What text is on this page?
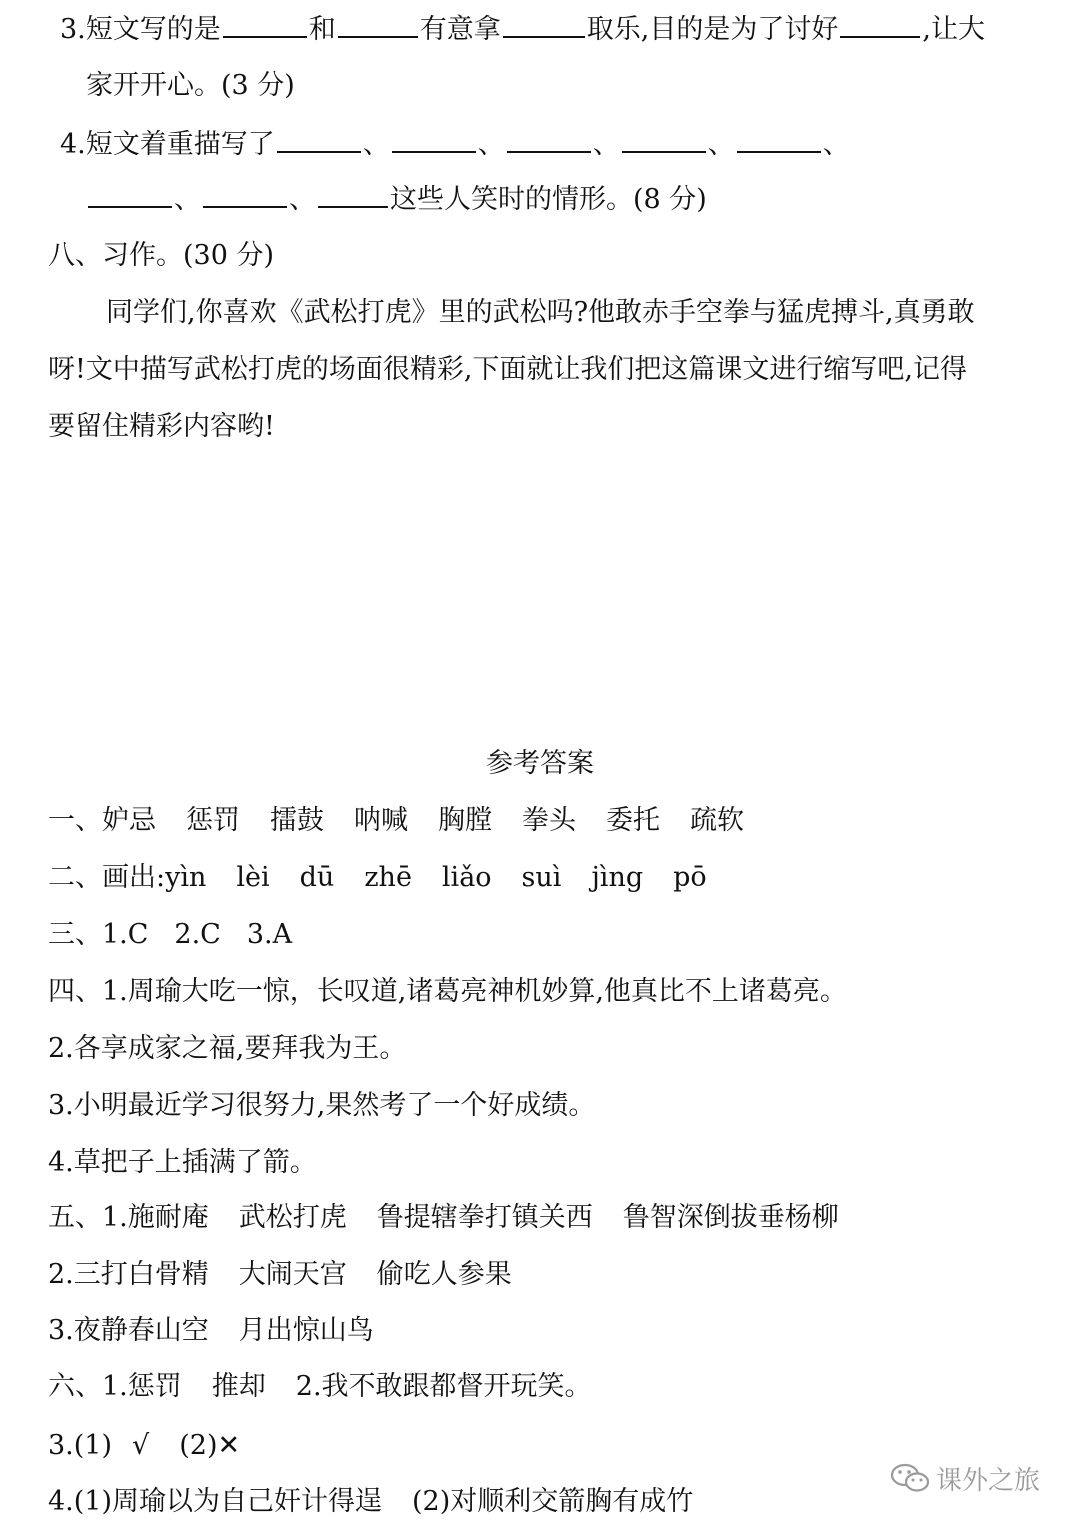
3.短文写的是	和	有意拿	取乐,目的是为了讨好	,让大
家开开心。(3 分)
4.短文着重描写了	、	、	、	、	、
、	、	这些人笑时的情形。(8 分)
八、习作。(30 分)
同学们,你喜欢《武松打虎》里的武松吗?他敢赤手空拳与猛虎搏斗,真勇敢
呀!文中描写武松打虎的场面很精彩,下面就让我们把这篇课文进行缩写吧,记得
要留住精彩内容哟!
参考答案
一、妒忌 惩罚 擂鼓 呐喊 胸膛 拳头 委托 疏软
二、画出:yìn lèi dū zhē liǎo suì jìng pō
三、1.C 2.C 3.A
四、1.周瑜大吃一惊，长叹道,诸葛亮神机妙算,他真比不上诸葛亮。
2.各享成家之福,要拜我为王。
3.小明最近学习很努力,果然考了一个好成绩。
4.草把子上插满了箭。
五、1.施耐庵 武松打虎 鲁提辖拳打镇关西 鲁智深倒拔垂杨柳
2.三打白骨精 大闹天宫 偷吃人参果
3.夜静春山空 月出惊山鸟
六、1.惩罚 推却 2.我不敢跟都督开玩笑。
3.(1) √ (2)✕
4.(1)周瑜以为自己奸计得逞 (2)对顺利交箭胸有成竹
课外之旅
